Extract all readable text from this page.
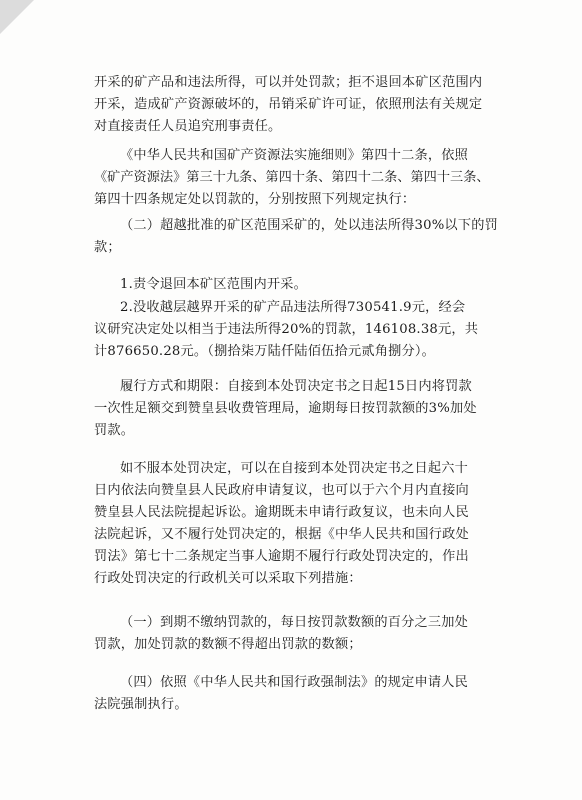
开采的矿产品和违法所得，可以并处罚款；拒不退回本矿区范围内
开采，造成矿产资源破坏的，吊销采矿许可证，依照刑法有关规定
对直接责任人员追究刑事责任。
《中华人民共和国矿产资源法实施细则》第四十二条，依照
《矿产资源法》第三十九条、第四十条、第四十二条、第四十三条、
第四十四条规定处以罚款的，分别按照下列规定执行：
（二）超越批准的矿区范围采矿的，处以违法所得30%以下的罚
款；
1.责令退回本矿区范围内开采。
2.没收越层越界开采的矿产品违法所得730541.9元，经会
议研究决定处以相当于违法所得20%的罚款，146108.38元，共
计876650.28元。（捌拾柒万陆仟陆佰伍拾元贰角捌分）。
履行方式和期限：自接到本处罚决定书之日起15日内将罚款
一次性足额交到赞皇县收费管理局，逾期每日按罚款额的3%加处
罚款。
如不服本处罚决定，可以在自接到本处罚决定书之日起六十
日内依法向赞皇县人民政府申请复议，也可以于六个月内直接向
赞皇县人民法院提起诉讼。逾期既未申请行政复议，也未向人民
法院起诉，又不履行处罚决定的，根据《中华人民共和国行政处
罚法》第七十二条规定当事人逾期不履行行政处罚决定的，作出
行政处罚决定的行政机关可以采取下列措施：
（一）到期不缴纳罚款的，每日按罚款数额的百分之三加处
罚款，加处罚款的数额不得超出罚款的数额；
（四）依照《中华人民共和国行政强制法》的规定申请人民
法院强制执行。
